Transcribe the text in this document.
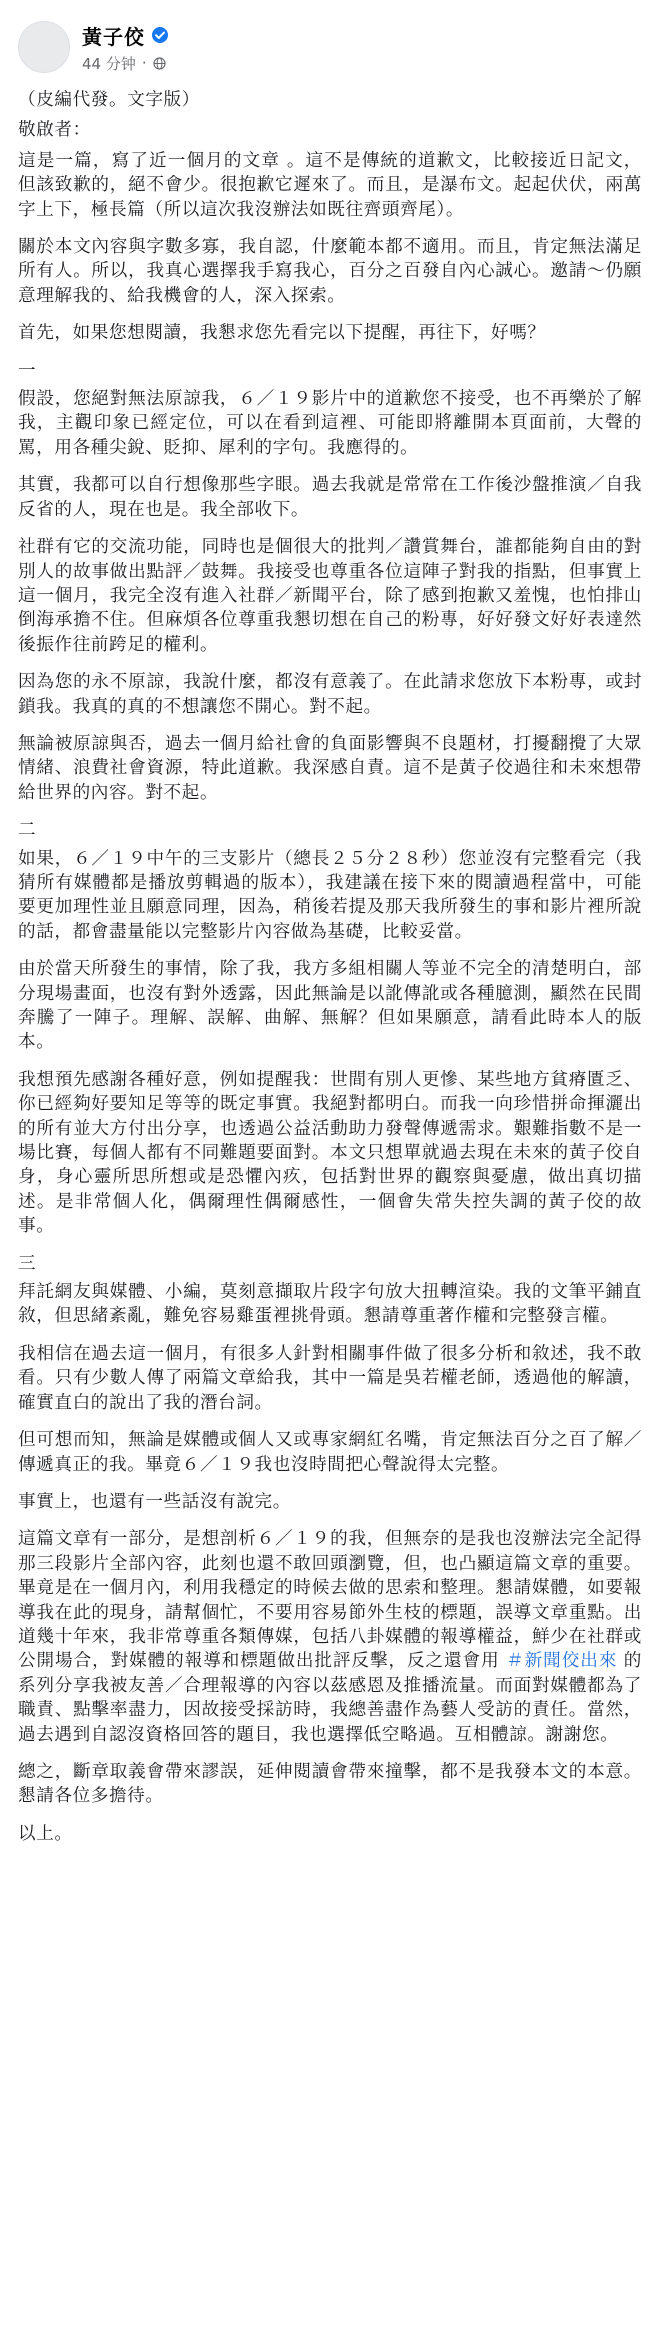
黃子佼
44 分钟 ·

（皮編代發。文字版）

敬啟者：

這是一篇，寫了近一個月的文章 。這不是傳統的道歉文，比較接近日記文，但該致歉的，絕不會少。很抱歉它遲來了。而且，是瀑布文。起起伏伏，兩萬字上下，極長篇（所以這次我沒辦法如既往齊頭齊尾）。

關於本文內容與字數多寡，我自認，什麼範本都不適用。而且，肯定無法滿足所有人。所以，我真心選擇我手寫我心，百分之百發自內心誠心。邀請～仍願意理解我的、給我機會的人，深入探索。

首先，如果您想閱讀，我懇求您先看完以下提醒，再往下，好嗎？

一

假設，您絕對無法原諒我，６／１９影片中的道歉您不接受，也不再樂於了解我，主觀印象已經定位，可以在看到這裡、可能即將離開本頁面前，大聲的罵，用各種尖銳、貶抑、犀利的字句。我應得的。

其實，我都可以自行想像那些字眼。過去我就是常常在工作後沙盤推演／自我反省的人，現在也是。我全部收下。

社群有它的交流功能，同時也是個很大的批判／讚賞舞台，誰都能夠自由的對別人的故事做出點評／鼓舞。我接受也尊重各位這陣子對我的指點，但事實上這一個月，我完全沒有進入社群／新聞平台，除了感到抱歉又羞愧，也怕排山倒海承擔不住。但麻煩各位尊重我懇切想在自己的粉專，好好發文好好表達然後振作往前跨足的權利。

因為您的永不原諒，我說什麼，都沒有意義了。在此請求您放下本粉專，或封鎖我。我真的真的不想讓您不開心。對不起。

無論被原諒與否，過去一個月給社會的負面影響與不良題材，打擾翻攪了大眾情緒、浪費社會資源，特此道歉。我深感自責。這不是黃子佼過往和未來想帶給世界的內容。對不起。

二

如果，６／１９中午的三支影片（總長２５分２８秒）您並沒有完整看完（我猜所有媒體都是播放剪輯過的版本），我建議在接下來的閱讀過程當中，可能要更加理性並且願意同理，因為，稍後若提及那天我所發生的事和影片裡所說的話，都會盡量能以完整影片內容做為基礎，比較妥當。

由於當天所發生的事情，除了我，我方多組相關人等並不完全的清楚明白，部分現場畫面，也沒有對外透露，因此無論是以訛傳訛或各種臆測，顯然在民間奔騰了一陣子。理解、誤解、曲解、無解？但如果願意，請看此時本人的版本。

我想預先感謝各種好意，例如提醒我：世間有別人更慘、某些地方貧瘠匱乏、你已經夠好要知足等等的既定事實。我絕對都明白。而我一向珍惜拼命揮灑出的所有並大方付出分享，也透過公益活動助力發聲傳遞需求。艱難指數不是一場比賽，每個人都有不同難題要面對。本文只想單就過去現在未來的黃子佼自身，身心靈所思所想或是恐懼內疚，包括對世界的觀察與憂慮，做出真切描述。是非常個人化，偶爾理性偶爾感性，一個會失常失控失調的黃子佼的故事。

三

拜託網友與媒體、小編，莫刻意擷取片段字句放大扭轉渲染。我的文筆平鋪直敘，但思緒紊亂，難免容易雞蛋裡挑骨頭。懇請尊重著作權和完整發言權。

我相信在過去這一個月，有很多人針對相關事件做了很多分析和敘述，我不敢看。只有少數人傳了兩篇文章給我，其中一篇是吳若權老師，透過他的解讀，確實直白的說出了我的潛台詞。

但可想而知，無論是媒體或個人又或專家網紅名嘴，肯定無法百分之百了解／傳遞真正的我。畢竟６／１９我也沒時間把心聲說得太完整。

事實上，也還有一些話沒有說完。

這篇文章有一部分，是想剖析６／１９的我，但無奈的是我也沒辦法完全記得那三段影片全部內容，此刻也還不敢回頭瀏覽，但，也凸顯這篇文章的重要。畢竟是在一個月內，利用我穩定的時候去做的思索和整理。懇請媒體，如要報導我在此的現身，請幫個忙，不要用容易節外生枝的標題，誤導文章重點。出道幾十年來，我非常尊重各類傳媒，包括八卦媒體的報導權益，鮮少在社群或公開場合，對媒體的報導和標題做出批評反擊，反之還會用 ＃新聞佼出來 的系列分享我被友善／合理報導的內容以茲感恩及推播流量。而面對媒體都為了職責、點擊率盡力，因故接受採訪時，我總善盡作為藝人受訪的責任。當然，過去遇到自認沒資格回答的題目，我也選擇低空略過。互相體諒。謝謝您。

總之，斷章取義會帶來謬誤，延伸閱讀會帶來撞擊，都不是我發本文的本意。懇請各位多擔待。

以上。
